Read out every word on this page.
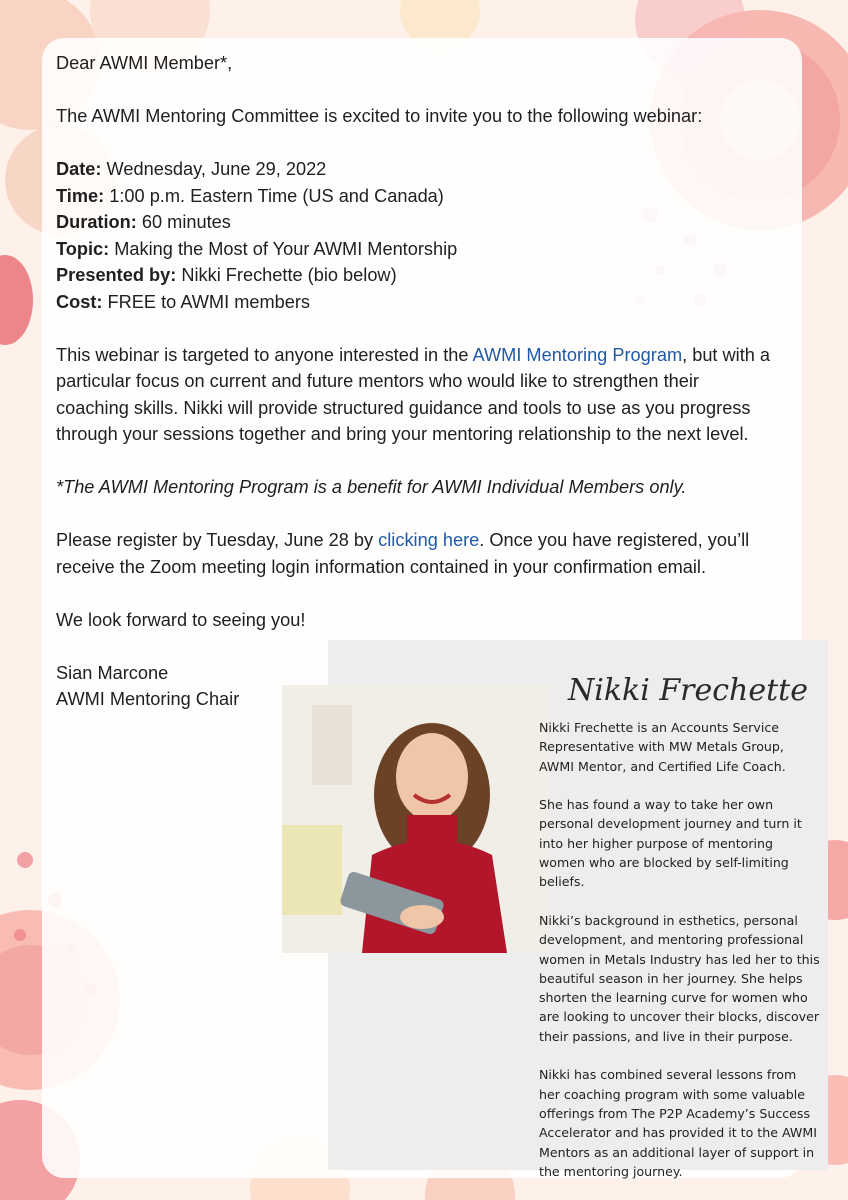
Dear AWMI Member*,

The AWMI Mentoring Committee is excited to invite you to the following webinar:

Date: Wednesday, June 29, 2022

Time: 1:00 p.m. Eastern Time (US and Canada)

Duration: 60 minutes

Topic: Making the Most of Your AWMI Mentorship

Presented by: Nikki Frechette (bio below)

Cost: FREE to AWMI members

This webinar is targeted to anyone interested in the AWMI Mentoring Program, but with a particular focus on current and future mentors who would like to strengthen their coaching skills. Nikki will provide structured guidance and tools to use as you progress through your sessions together and bring your mentoring relationship to the next level.

*The AWMI Mentoring Program is a benefit for AWMI Individual Members only.

Please register by Tuesday, June 28 by clicking here. Once you have registered, you’ll receive the Zoom meeting login information contained in your confirmation email.

We look forward to seeing you!

Sian Marcone

AWMI Mentoring Chair	Nikki Frechette

Nikki Frechette is an Accounts Service Representative with MW Metals Group, AWMI Mentor, and Certified Life Coach.

She has found a way to take her own personal development journey and turn it into her higher purpose of mentoring women who are blocked by self-limiting beliefs.

Nikki’s background in esthetics, personal development, and mentoring professional women in Metals Industry has led her to this beautiful season in her journey. She helps shorten the learning curve for women who are looking to uncover their blocks, discover their passions, and live in their purpose.

Nikki has combined several lessons from her coaching program with some valuable offerings from The P2P Academy’s Success Accelerator and has provided it to the AWMI Mentors as an additional layer of support in the mentoring journey.
